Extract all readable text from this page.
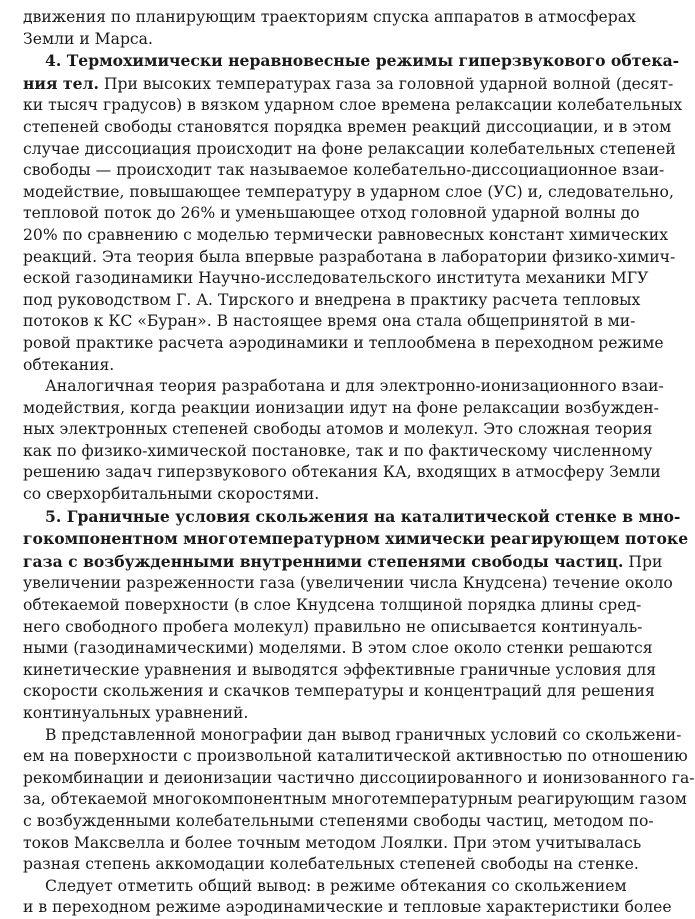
движения по планирующим траекториям спуска аппаратов в атмосферах
Земли и Марса.
4. Термохимически неравновесные режимы гиперзвукового обтека-
ния тел. При высоких температурах газа за головной ударной волной (десят-
ки тысяч градусов) в вязком ударном слое времена релаксации колебательных
степеней свободы становятся порядка времен реакций диссоциации, и в этом
случае диссоциация происходит на фоне релаксации колебательных степеней
свободы — происходит так называемое колебательно-диссоциационное взаи-
модействие, повышающее температуру в ударном слое (УС) и, следовательно,
тепловой поток до 26% и уменьшающее отход головной ударной волны до
20% по сравнению с моделью термически равновесных констант химических
реакций. Эта теория была впервые разработана в лаборатории физико-химич-
еской газодинамики Научно-исследовательского института механики МГУ
под руководством Г. А. Тирского и внедрена в практику расчета тепловых
потоков к КС «Буран». В настоящее время она стала общепринятой в ми-
ровой практике расчета аэродинамики и теплообмена в переходном режиме
обтекания.
Аналогичная теория разработана и для электронно-ионизационного взаи-
модействия, когда реакции ионизации идут на фоне релаксации возбужден-
ных электронных степеней свободы атомов и молекул. Это сложная теория
как по физико-химической постановке, так и по фактическому численному
решению задач гиперзвукового обтекания КА, входящих в атмосферу Земли
со сверхорбитальными скоростями.
5. Граничные условия скольжения на каталитической стенке в мно-
гокомпонентном многотемпературном химически реагирующем потоке
газа с возбужденными внутренними степенями свободы частиц. При
увеличении разреженности газа (увеличении числа Кнудсена) течение около
обтекаемой поверхности (в слое Кнудсена толщиной порядка длины сред-
него свободного пробега молекул) правильно не описывается континуаль-
ными (газодинамическими) моделями. В этом слое около стенки решаются
кинетические уравнения и выводятся эффективные граничные условия для
скорости скольжения и скачков температуры и концентраций для решения
континуальных уравнений.
В представленной монографии дан вывод граничных условий со скольжени-
ем на поверхности с произвольной каталитической активностью по отношению
рекомбинации и деионизации частично диссоциированного и ионизованного га-
за, обтекаемой многокомпонентным многотемпературным реагирующим газом
с возбужденными колебательными степенями свободы частиц, методом по-
токов Максвелла и более точным методом Лоялки. При этом учитывалась
разная степень аккомодации колебательных степеней свободы на стенке.
Следует отметить общий вывод: в режиме обтекания со скольжением
и в переходном режиме аэродинамические и тепловые характеристики более
